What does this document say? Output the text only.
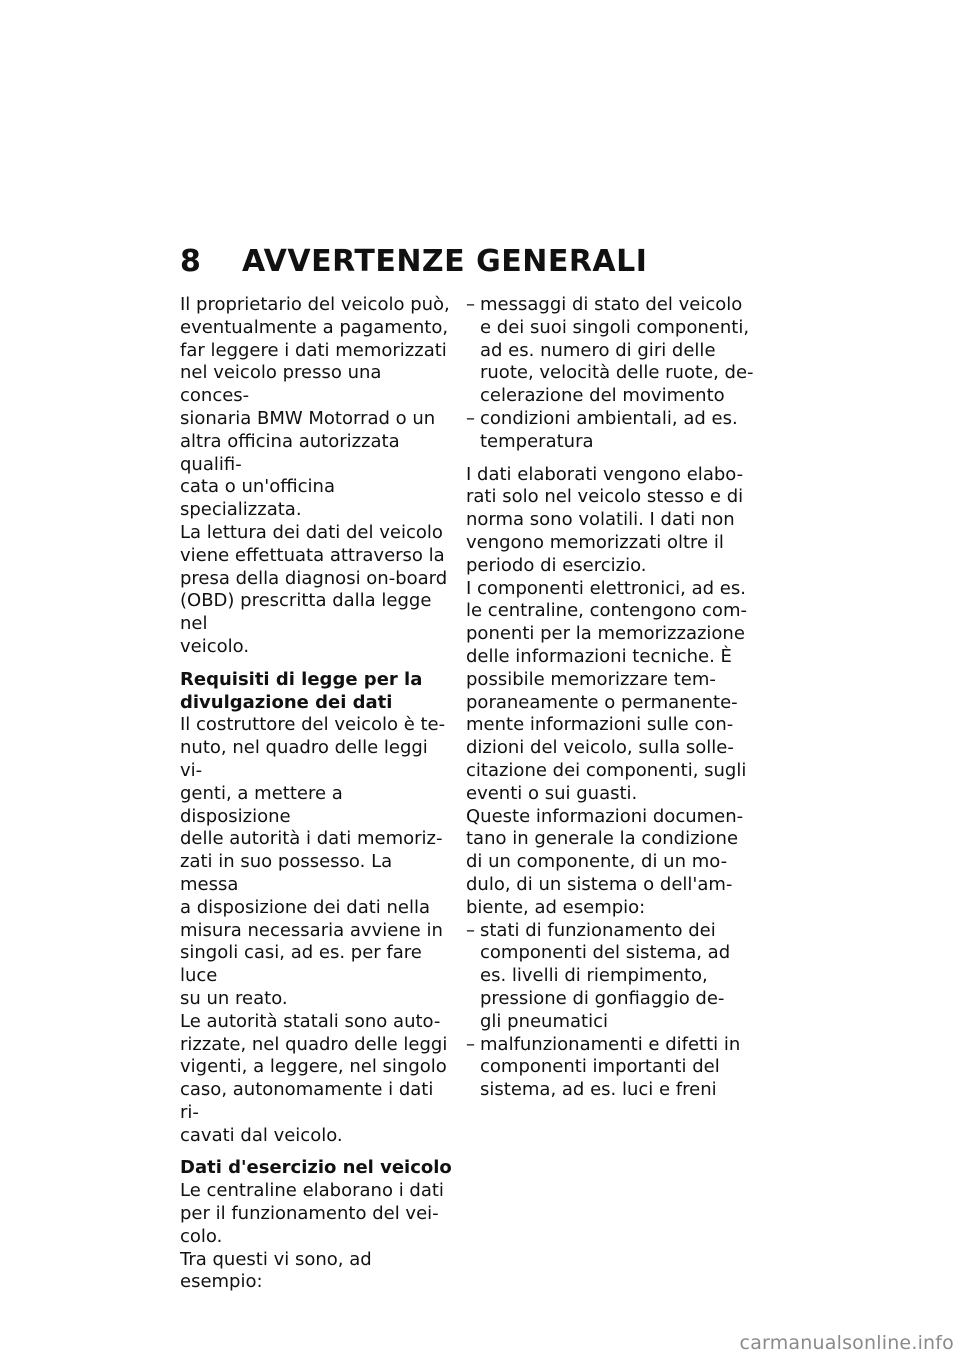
8 AVVERTENZE GENERALI

Il proprietario del veicolo può,
eventualmente a pagamento,
far leggere i dati memorizzati
nel veicolo presso una conces-
sionaria BMW Motorrad o un
altra officina autorizzata qualifi-
cata o un'officina specializzata.
La lettura dei dati del veicolo
viene effettuata attraverso la
presa della diagnosi on-board
(OBD) prescritta dalla legge nel
veicolo.

Requisiti di legge per la
divulgazione dei dati

Il costruttore del veicolo è te-
nuto, nel quadro delle leggi vi-
genti, a mettere a disposizione
delle autorità i dati memoriz-
zati in suo possesso. La messa
a disposizione dei dati nella
misura necessaria avviene in
singoli casi, ad es. per fare luce
su un reato.

Le autorità statali sono auto-
rizzate, nel quadro delle leggi
vigenti, a leggere, nel singolo
caso, autonomamente i dati ri-
cavati dal veicolo.

Dati d'esercizio nel veicolo

Le centraline elaborano i dati
per il funzionamento del vei-
colo.

Tra questi vi sono, ad esempio:

– messaggi di stato del veicolo
e dei suoi singoli componenti,
ad es. numero di giri delle
ruote, velocità delle ruote, de-
celerazione del movimento
– condizioni ambientali, ad es.
temperatura

I dati elaborati vengono elabo-
rati solo nel veicolo stesso e di
norma sono volatili. I dati non
vengono memorizzati oltre il
periodo di esercizio.

I componenti elettronici, ad es.
le centraline, contengono com-
ponenti per la memorizzazione
delle informazioni tecniche. È
possibile memorizzare tem-
poraneamente o permanente-
mente informazioni sulle con-
dizioni del veicolo, sulla solle-
citazione dei componenti, sugli
eventi o sui guasti.

Queste informazioni documen-
tano in generale la condizione
di un componente, di un mo-
dulo, di un sistema o dell'am-
biente, ad esempio:

– stati di funzionamento dei
componenti del sistema, ad
es. livelli di riempimento,
pressione di gonfiaggio de-
gli pneumatici
– malfunzionamenti e difetti in
componenti importanti del
sistema, ad es. luci e freni
carmanualsonline.info
